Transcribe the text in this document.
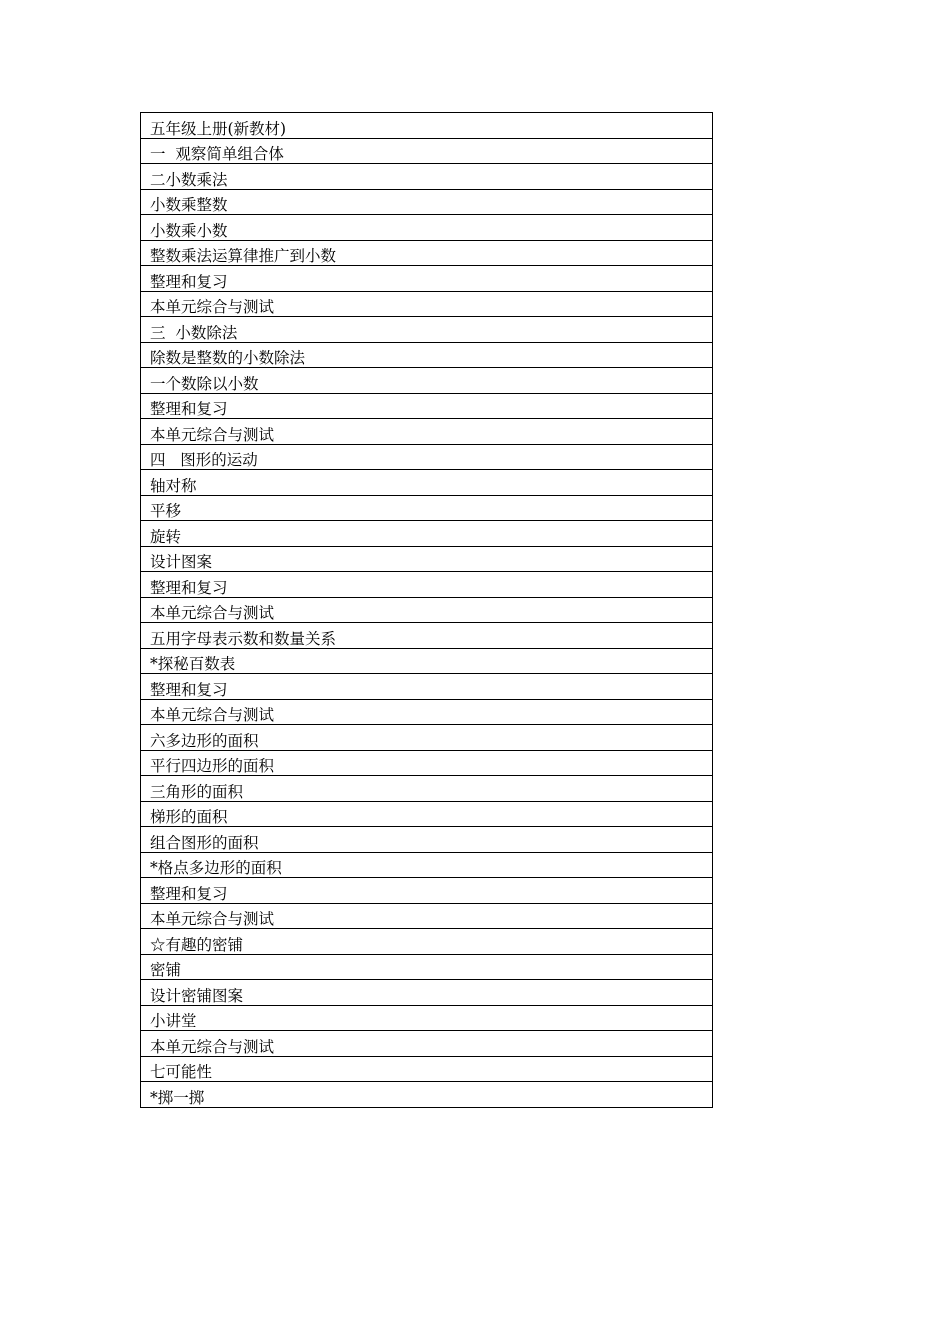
五年级上册(新教材)
一  观察简单组合体
二小数乘法
小数乘整数
小数乘小数
整数乘法运算律推广到小数
整理和复习
本单元综合与测试
三  小数除法
除数是整数的小数除法
一个数除以小数
整理和复习
本单元综合与测试
四   图形的运动
轴对称
平移
旋转
设计图案
整理和复习
本单元综合与测试
五用字母表示数和数量关系
*探秘百数表
整理和复习
本单元综合与测试
六多边形的面积
平行四边形的面积
三角形的面积
梯形的面积
组合图形的面积
*格点多边形的面积
整理和复习
本单元综合与测试
☆有趣的密铺
密铺
设计密铺图案
小讲堂
本单元综合与测试
七可能性
*掷一掷
